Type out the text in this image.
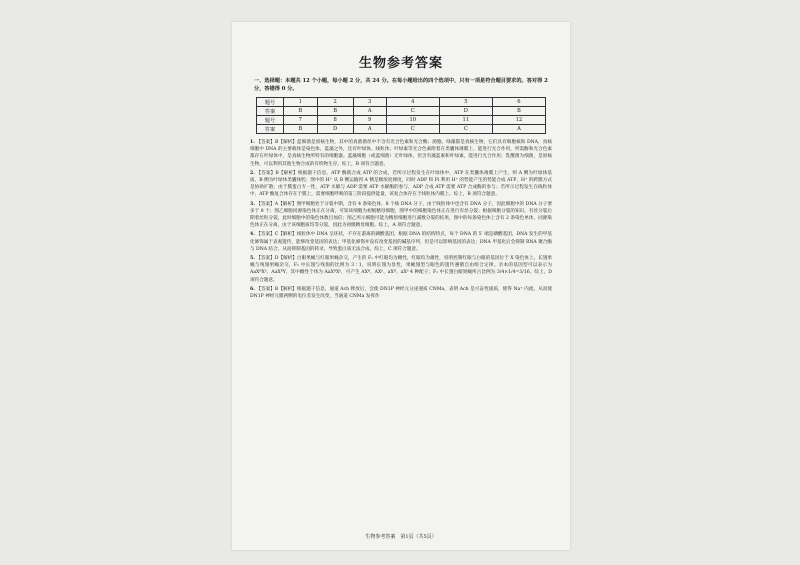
生物参考答案
一、选择题：本题共 12 个小题，每小题 2 分，共 24 分。在每小题给出的四个选项中，只有一项是符合题目要求的。答对得 2 分，答错得 0 分。
题号	1	2	3	4	5	6
答案	B	B	A	C	D	B
题号	7	8	9	10	11	12
答案	B	D	A	C	C	A
1. 【答案】B【解析】蓝细菌是原核生物，其中的真菌菌丝中不含有光合色素和光合酶；菌胞、绿藻都是真核生物，它们具有细胞核和 DNA，真核细胞中 DNA 的主要载体是染色体，蓝藻之外，还有叶绿体、线粒体；叶绿素等光合色素附着在类囊体薄膜上，能进行光合作用，所需酶和光合色素都存在叶绿体中，是真核生物所特有的细胞器。蓝藻细胞（或蓝细菌）无叶绿体，但含有藻蓝素和叶绿素，能进行光合作用；乳酸菌为细菌，是原核生物，可以利用其他生物合成的有机物生存。综上，B 项符合题意。
2. 【答案】B【解析】根据题干信息，ATP 酶既合成 ATP 的合成，若所示过程发生在叶绿体中，ATP 在类囊体薄膜上产生，则 A 侧为叶绿体基质，B 侧为叶绿体类囊体腔；图中的 H⁺ 从 B 侧运输到 A 侧是顺浓度梯度，同时 ADP 和 Pi 利用 H⁺ 的势能产生的势能合成 ATP，H⁺ 的跨膜方式是协助扩散；由于膜蛋白专一性，ATP 水解与 ADP 需要 ATP 水解酶的参与，ADP 合成 ATP 需要 ATP 合成酶的参与；若所示过程发生在线粒体中，ATP 酶复合体存在于膜上，需要细胞呼吸的第三阶段提供能量，该复合体存在于线粒体内膜上。综上，B 项符合题意。
3. 【答案】A【解析】图甲细胞处于分裂中期，含有 4 条染色体，8 个核 DNA 分子，由于线粒体中也含有 DNA 分子，因此细胞中的 DNA 分子要多于 8 个；图乙细胞同源染色体正在分离，可知该细胞为初级精母细胞，图甲中的细胞染色体正在进行有丝分裂；根据细胞分裂的知识，有丝分裂后期着丝粒分裂，此时细胞中的染色体数目加倍；图乙所示细胞可能为精原细胞进行减数分裂的结果，图中的每条染色体上含有 2 条染色单体，同源染色体正在分离，由于该细胞质均等分裂，因此为初级精母细胞。综上，A 项符合题意。
4. 【答案】C【解析】线粒体中 DNA 呈环状，不存在游离的磷酸基团，根据 DNA 的结构特点，每个 DNA 的 5′ 端是磷酸基团，DNA 发生的甲基化修饰属于表观遗传，能够改变基因的表达；甲基化修饰并没有改变基因的碱基序列，但是可以影响基因的表达；DNA 甲基化后会抑制 RNA 聚合酶与 DNA 结合，从而抑制基因的转录，导致蛋白质无法合成。综上，C 项符合题意。
5. 【答案】D【解析】白眼果蝇与红眼果蝇杂交，产生的 F₁ 中红眼均为雌性，红眼均为雄性，说明控制红眼与白眼的基因位于 X 染色体上。长翅果蝇与残翅果蝇杂交，F₁ 中长翅与残翅的比例为 3∶1，说明长翅为显性，果蝇翅型与眼色的遗传遵循自由组合定律。亲本的基因型可以表示为 AaXᴮXᵇ、AaXᴮY，其中雌性个体为 AaXᴮXᵇ，可产生 AXᴮ、AXᵇ、aXᴮ、aXᵇ 4 种配子；F₁ 中长翅白眼果蝇所占比例为 3/4×1/4=3/16。综上，D 项符合题意。
6. 【答案】B【解析】根据题干信息，通道 Ach 释放后，会使 DN1P 神经元分泌递质 CNMa，表明 Ach 是兴奋性递质，使得 Na⁺ 内流，从而使 DN1P 神经元膜两侧的电位差发生改变，当通道 CNMa 发挥作
生物参考答案　第1页（共5页）
